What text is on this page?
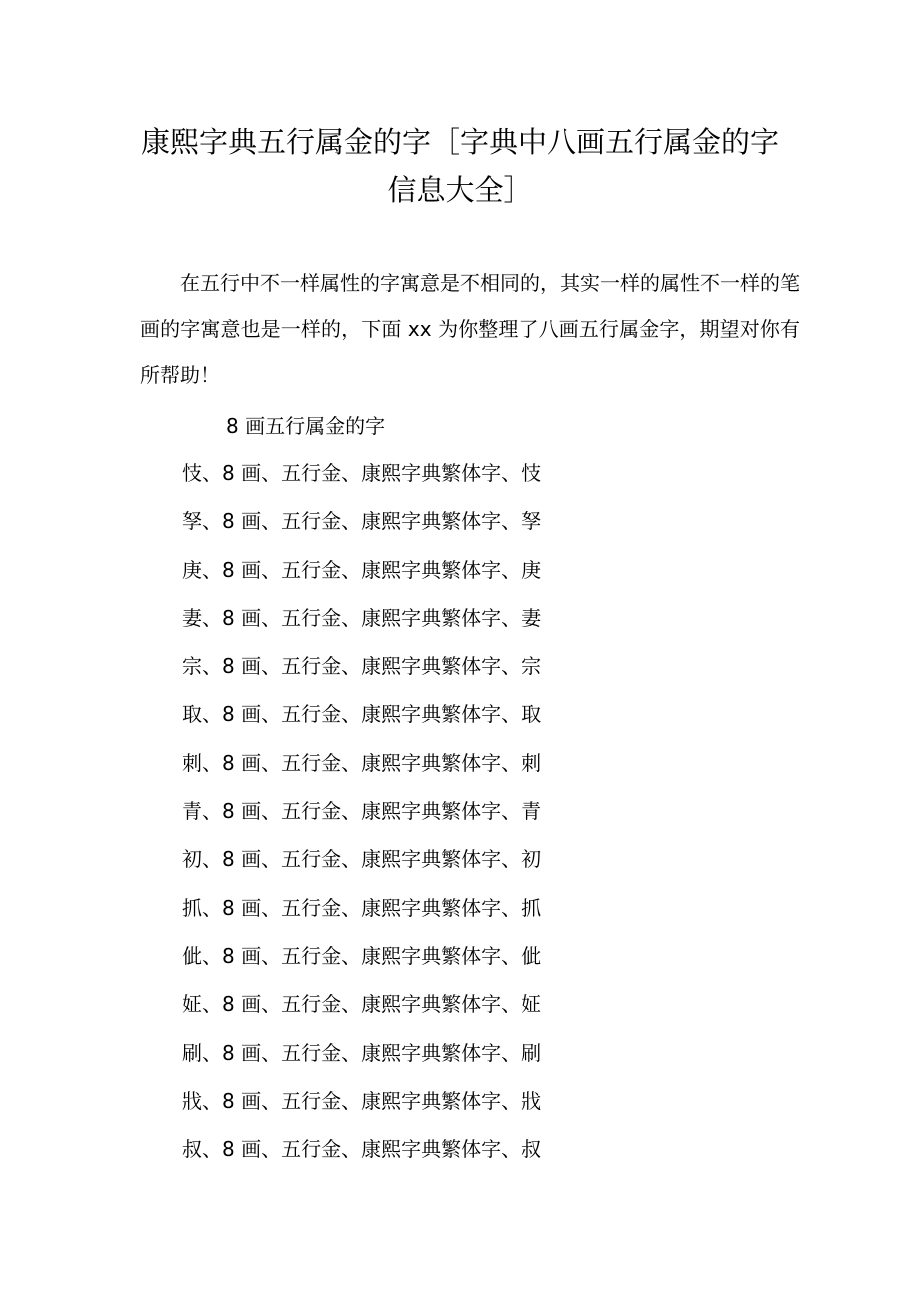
康熙字典五行属金的字［字典中八画五行属金的字信息大全］

在五行中不一样属性的字寓意是不相同的，其实一样的属性不一样的笔画的字寓意也是一样的，下面 xx 为你整理了八画五行属金字，期望对你有所帮助！

8 画五行属金的字
忮、8 画、五行金、康熙字典繁体字、忮
孥、8 画、五行金、康熙字典繁体字、孥
庚、8 画、五行金、康熙字典繁体字、庚
妻、8 画、五行金、康熙字典繁体字、妻
宗、8 画、五行金、康熙字典繁体字、宗
取、8 画、五行金、康熙字典繁体字、取
刺、8 画、五行金、康熙字典繁体字、刺
青、8 画、五行金、康熙字典繁体字、青
初、8 画、五行金、康熙字典繁体字、初
抓、8 画、五行金、康熙字典繁体字、抓
佌、8 画、五行金、康熙字典繁体字、佌
姃、8 画、五行金、康熙字典繁体字、姃
刷、8 画、五行金、康熙字典繁体字、刷
戕、8 画、五行金、康熙字典繁体字、戕
叔、8 画、五行金、康熙字典繁体字、叔
